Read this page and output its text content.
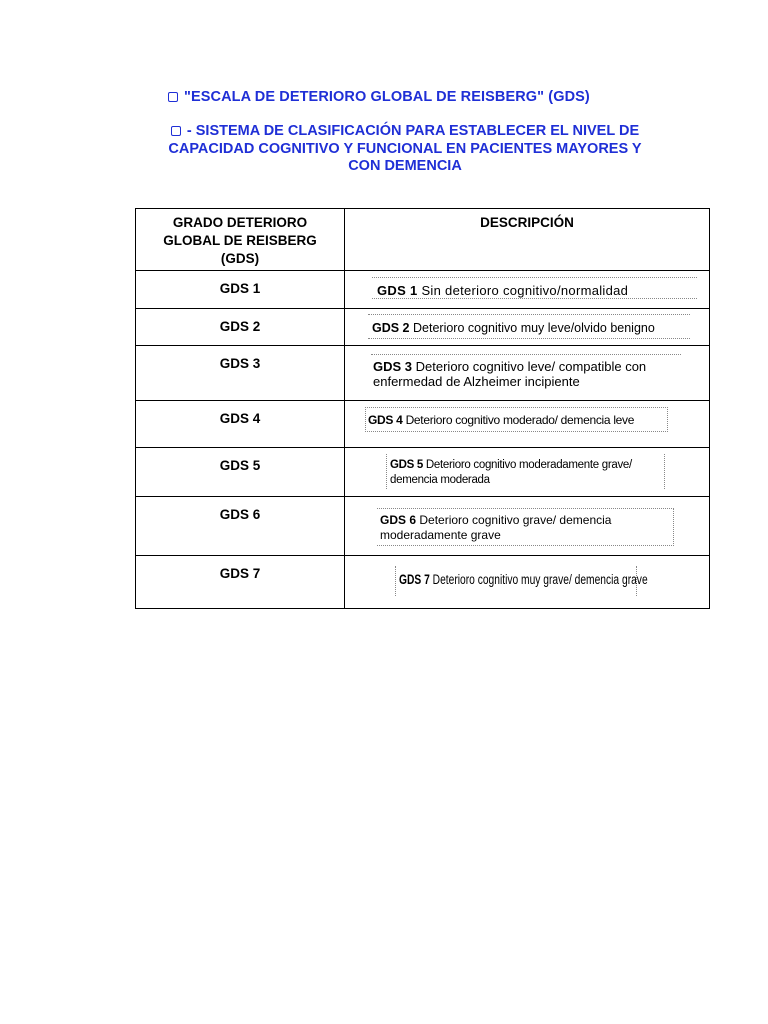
"ESCALA DE DETERIORO GLOBAL DE REISBERG" (GDS)
- SISTEMA DE CLASIFICACIÓN PARA ESTABLECER EL NIVEL DE
CAPACIDAD COGNITIVO Y FUNCIONAL EN PACIENTES MAYORES Y
CON DEMENCIA
GRADO DETERIORO
GLOBAL DE REISBERG
(GDS)	DESCRIPCIÓN
GDS 1	GDS 1 Sin deterioro cognitivo/normalidad

GDS 2	GDS 2 Deterioro cognitivo muy leve/olvido benigno

GDS 3	GDS 3 Deterioro cognitivo leve/ compatible con
enfermedad de Alzheimer incipiente

GDS 4	GDS 4 Deterioro cognitivo moderado/ demencia leve

GDS 5	GDS 5 Deterioro cognitivo moderadamente grave/
demencia moderada

GDS 6	GDS 6 Deterioro cognitivo grave/ demencia
moderadamente grave

GDS 7	GDS 7 Deterioro cognitivo muy grave/ demencia grave
